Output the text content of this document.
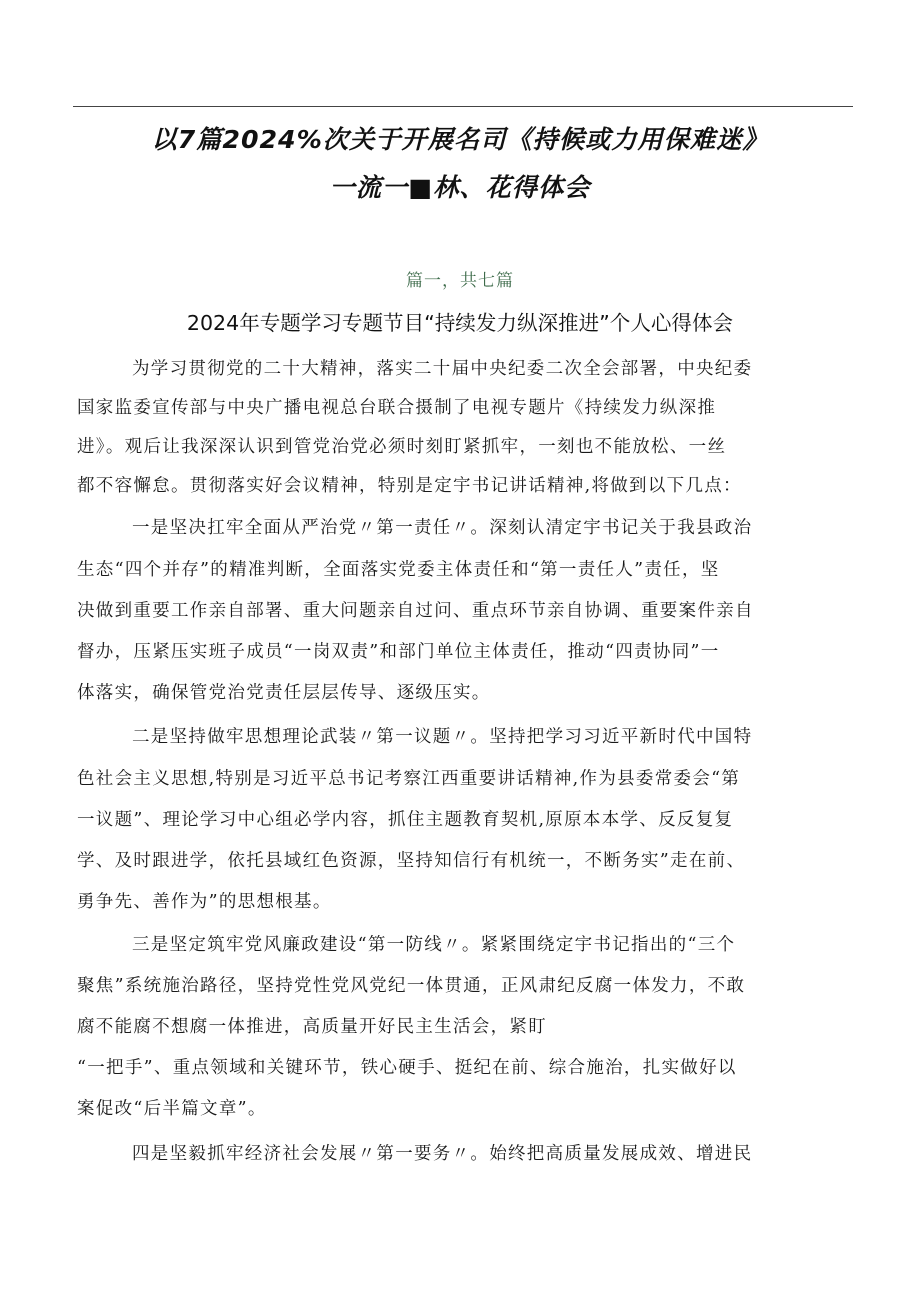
以7篇2024%次关于开展名司《持候或力用保难迷》
一流一■林、花得体会
篇一，共七篇
2024年专题学习专题节目“持续发力纵深推进”个人心得体会
为学习贯彻党的二十大精神，落实二十届中央纪委二次全会部署，中央纪委
国家监委宣传部与中央广播电视总台联合摄制了电视专题片《持续发力纵深推
进》。观后让我深深认识到管党治党必须时刻盯紧抓牢，一刻也不能放松、一丝
都不容懈怠。贯彻落实好会议精神，特别是定宇书记讲话精神,将做到以下几点：
一是坚决扛牢全面从严治党〃第一责任〃。深刻认清定宇书记关于我县政治
生态“四个并存”的精准判断，全面落实党委主体责任和“第一责任人”责任，坚
决做到重要工作亲自部署、重大问题亲自过问、重点环节亲自协调、重要案件亲自
督办，压紧压实班子成员“一岗双责”和部门单位主体责任，推动“四责协同”一
体落实，确保管党治党责任层层传导、逐级压实。
二是坚持做牢思想理论武装〃第一议题〃。坚持把学习习近平新时代中国特
色社会主义思想,特别是习近平总书记考察江西重要讲话精神,作为县委常委会“第
一议题”、理论学习中心组必学内容，抓住主题教育契机,原原本本学、反反复复
学、及时跟进学，依托县域红色资源，坚持知信行有机统一，不断务实”走在前、
勇争先、善作为”的思想根基。
三是坚定筑牢党风廉政建设“第一防线〃。紧紧围绕定宇书记指出的“三个
聚焦”系统施治路径，坚持党性党风党纪一体贯通，正风肃纪反腐一体发力，不敢
腐不能腐不想腐一体推进，高质量开好民主生活会，紧盯
“一把手”、重点领域和关键环节，铁心硬手、挺纪在前、综合施治，扎实做好以
案促改“后半篇文章”。
四是坚毅抓牢经济社会发展〃第一要务〃。始终把高质量发展成效、增进民
